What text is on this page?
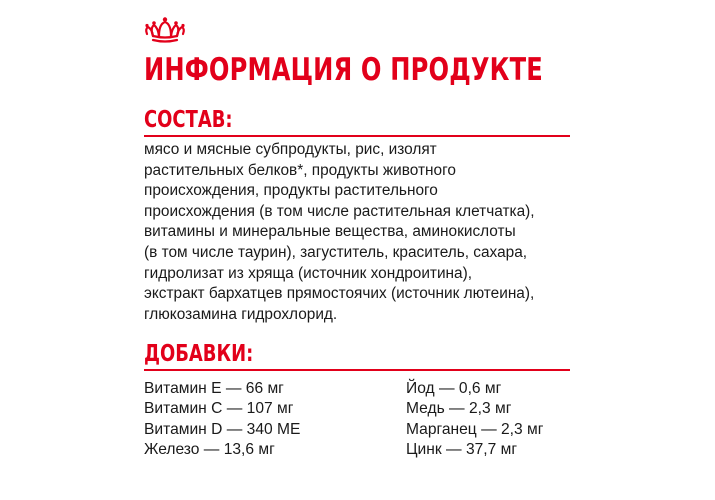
ИНФОРМАЦИЯ О ПРОДУКТЕ
СОСТАВ:
мясо и мясные субпродукты, рис, изолят
растительных белков*, продукты животного
происхождения, продукты растительного
происхождения (в том числе растительная клетчатка),
витамины и минеральные вещества, аминокислоты
(в том числе таурин), загуститель, краситель, сахара,
гидролизат из хряща (источник хондроитина),
экстракт бархатцев прямостоячих (источник лютеина),
глюкозамина гидрохлорид.
ДОБАВКИ:
Витамин Е — 66 мг
Витамин С — 107 мг
Витамин D — 340 МЕ
Железо — 13,6 мг
Йод — 0,6 мг
Медь — 2,3 мг
Марганец — 2,3 мг
Цинк — 37,7 мг
